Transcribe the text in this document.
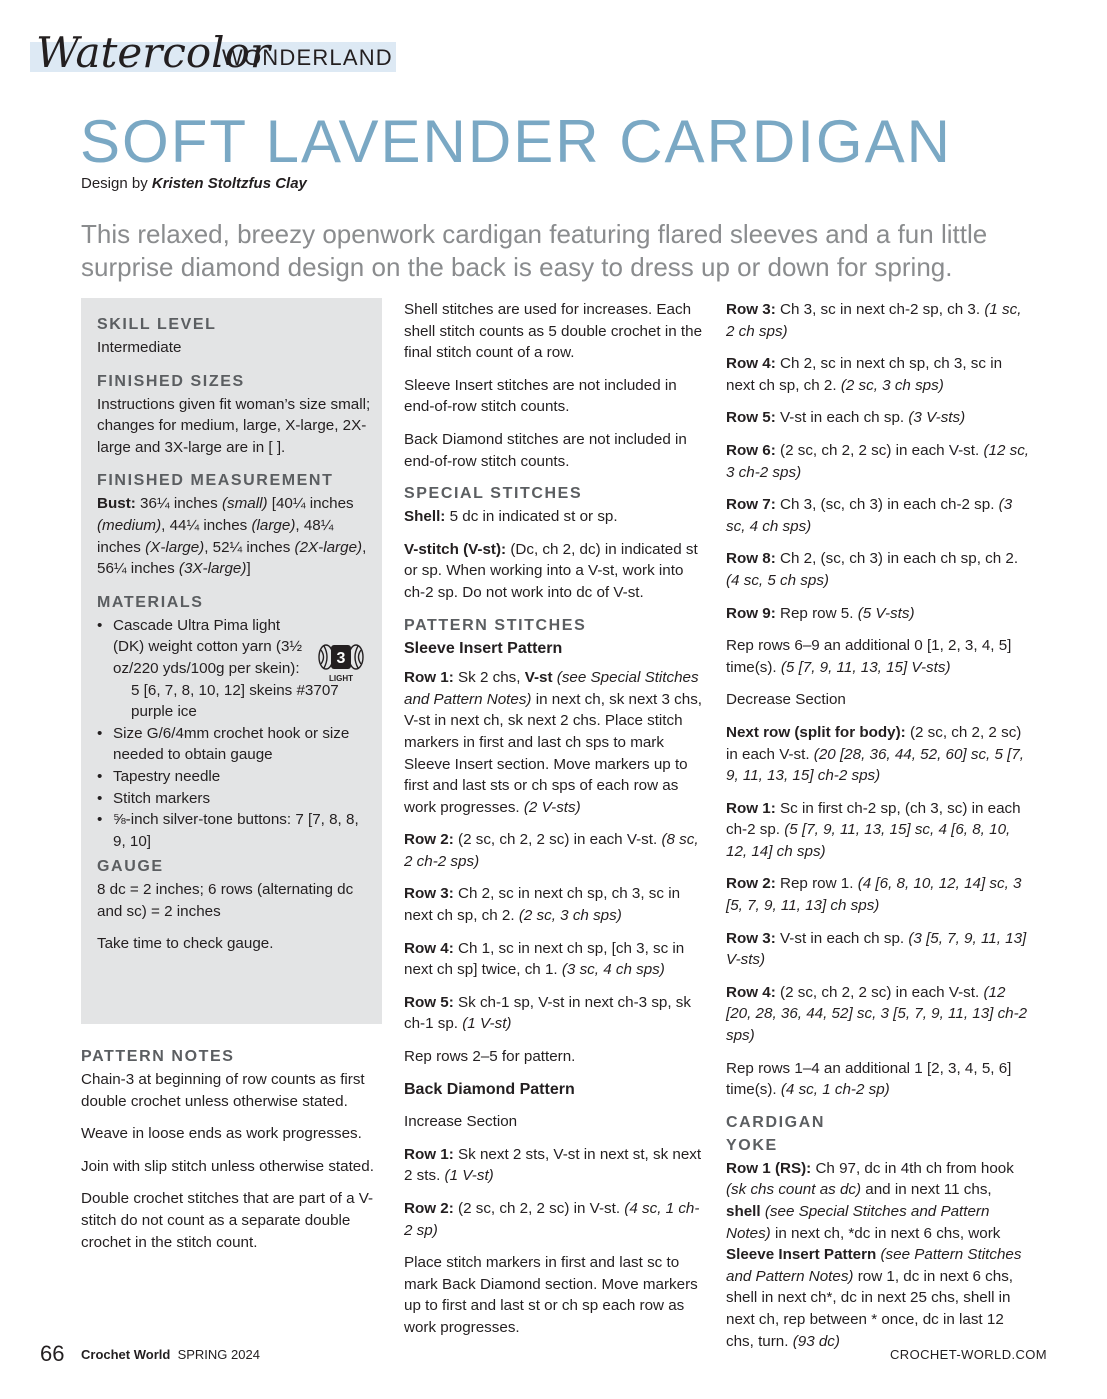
Watercolor
WONDERLAND
SOFT LAVENDER CARDIGAN
Design by Kristen Stoltzfus Clay
This relaxed, breezy openwork cardigan featuring flared sleeves and a fun little surprise diamond design on the back is easy to dress up or down for spring.

SKILL LEVEL

Intermediate

FINISHED SIZES

Instructions given fit woman’s size small; changes for medium, large, X-large, 2X-large and 3X-large are in [ ].

FINISHED MEASUREMENT

Bust: 36¼ inches (small) [40¼ inches (medium), 44¼ inches (large), 48¼ inches (X-large), 52¼ inches (2X-large), 56¼ inches (3X-large)]

MATERIALS

• Cascade Ultra Pima light (DK) weight cotton yarn (3½ oz/220 yds/100g per skein):
5 [6, 7, 8, 10, 12] skeins #3707 purple ice
• Size G/6/4mm crochet hook or size needed to obtain gauge
• Tapestry needle
• Stitch markers
• ⅝-inch silver-tone buttons: 7 [7, 8, 8, 9, 10]

GAUGE

8 dc = 2 inches; 6 rows (alternating dc and sc) = 2 inches

Take time to check gauge.

3
LIGHT

PATTERN NOTES

Chain-3 at beginning of row counts as first double crochet unless otherwise stated.

Weave in loose ends as work progresses.

Join with slip stitch unless otherwise stated.

Double crochet stitches that are part of a V-stitch do not count as a separate double crochet in the stitch count.

Shell stitches are used for increases. Each shell stitch counts as 5 double crochet in the final stitch count of a row.

Sleeve Insert stitches are not included in end-of-row stitch counts.

Back Diamond stitches are not included in end-of-row stitch counts.

SPECIAL STITCHES

Shell: 5 dc in indicated st or sp.

V-stitch (V-st): (Dc, ch 2, dc) in indicated st or sp. When working into a V-st, work into ch-2 sp. Do not work into dc of V-st.

PATTERN STITCHES

Sleeve Insert Pattern

Row 1: Sk 2 chs, V-st (see Special Stitches and Pattern Notes) in next ch, sk next 3 chs, V-st in next ch, sk next 2 chs. Place stitch markers in first and last ch sps to mark Sleeve Insert section. Move markers up to first and last sts or ch sps of each row as work progresses. (2 V-sts)

Row 2: (2 sc, ch 2, 2 sc) in each V-st. (8 sc, 2 ch-2 sps)

Row 3: Ch 2, sc in next ch sp, ch 3, sc in next ch sp, ch 2. (2 sc, 3 ch sps)

Row 4: Ch 1, sc in next ch sp, [ch 3, sc in next ch sp] twice, ch 1. (3 sc, 4 ch sps)

Row 5: Sk ch-1 sp, V-st in next ch-3 sp, sk ch-1 sp. (1 V-st)

Rep rows 2–5 for pattern.

Back Diamond Pattern

Increase Section

Row 1: Sk next 2 sts, V-st in next st, sk next 2 sts. (1 V-st)

Row 2: (2 sc, ch 2, 2 sc) in V-st. (4 sc, 1 ch-2 sp)

Place stitch markers in first and last sc to mark Back Diamond section. Move markers up to first and last st or ch sp each row as work progresses.

Row 3: Ch 3, sc in next ch-2 sp, ch 3. (1 sc, 2 ch sps)

Row 4: Ch 2, sc in next ch sp, ch 3, sc in next ch sp, ch 2. (2 sc, 3 ch sps)

Row 5: V-st in each ch sp. (3 V-sts)

Row 6: (2 sc, ch 2, 2 sc) in each V-st. (12 sc, 3 ch-2 sps)

Row 7: Ch 3, (sc, ch 3) in each ch-2 sp. (3 sc, 4 ch sps)

Row 8: Ch 2, (sc, ch 3) in each ch sp, ch 2. (4 sc, 5 ch sps)

Row 9: Rep row 5. (5 V-sts)

Rep rows 6–9 an additional 0 [1, 2, 3, 4, 5] time(s). (5 [7, 9, 11, 13, 15] V-sts)

Decrease Section

Next row (split for body): (2 sc, ch 2, 2 sc) in each V-st. (20 [28, 36, 44, 52, 60] sc, 5 [7, 9, 11, 13, 15] ch-2 sps)

Row 1: Sc in first ch-2 sp, (ch 3, sc) in each ch-2 sp. (5 [7, 9, 11, 13, 15] sc, 4 [6, 8, 10, 12, 14] ch sps)

Row 2: Rep row 1. (4 [6, 8, 10, 12, 14] sc, 3 [5, 7, 9, 11, 13] ch sps)

Row 3: V-st in each ch sp. (3 [5, 7, 9, 11, 13] V-sts)

Row 4: (2 sc, ch 2, 2 sc) in each V-st. (12 [20, 28, 36, 44, 52] sc, 3 [5, 7, 9, 11, 13] ch-2 sps)

Rep rows 1–4 an additional 1 [2, 3, 4, 5, 6] time(s). (4 sc, 1 ch-2 sp)

CARDIGAN

YOKE

Row 1 (RS): Ch 97, dc in 4th ch from hook (sk chs count as dc) and in next 11 chs, shell (see Special Stitches and Pattern Notes) in next ch, *dc in next 6 chs, work Sleeve Insert Pattern (see Pattern Stitches and Pattern Notes) row 1, dc in next 6 chs, shell in next ch*, dc in next 25 chs, shell in next ch, rep between * once, dc in last 12 chs, turn. (93 dc)

66 Crochet World SPRING 2024	CROCHET-WORLD.COM
